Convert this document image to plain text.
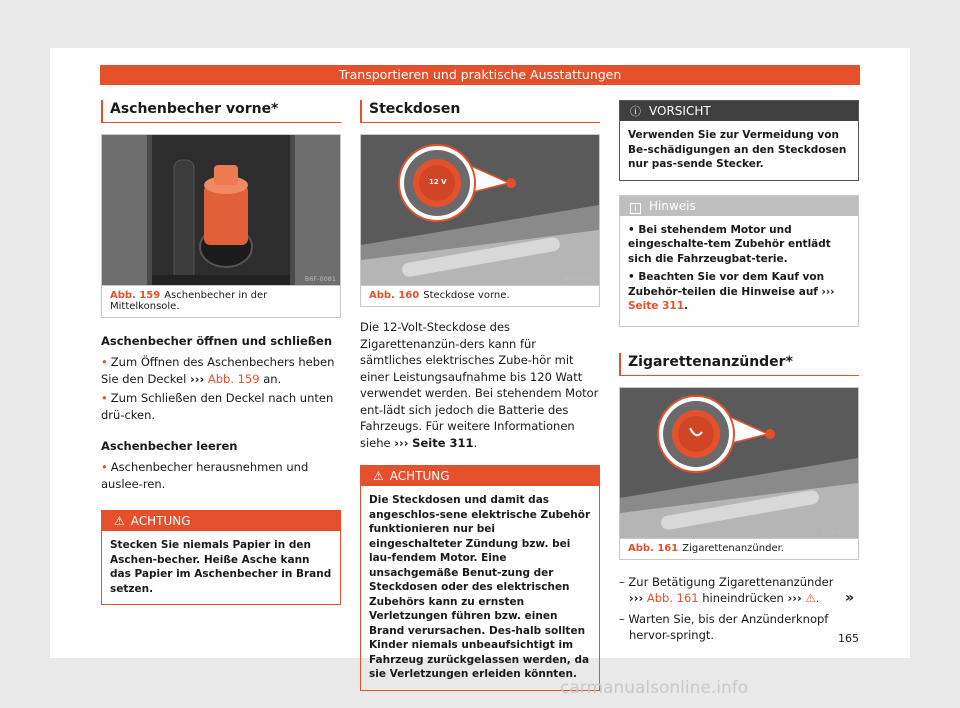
Transportieren und praktische Ausstattungen
Aschenbecher vorne*
B6F-0081
Abb. 159 Aschenbecher in der Mittelkonsole.
Aschenbecher öffnen und schließen
• Zum Öffnen des Aschenbechers heben Sie den Deckel ››› Abb. 159 an.
• Zum Schließen den Deckel nach unten drü-cken.
Aschenbecher leeren
• Aschenbecher herausnehmen und auslee-ren.
⚠ ACHTUNG
Stecken Sie niemals Papier in den Aschen-becher. Heiße Asche kann das Papier im Aschenbecher in Brand setzen.
Steckdosen
12 V
B6F-0056
Abb. 160 Steckdose vorne.
Die 12-Volt-Steckdose des Zigarettenanzün-ders kann für sämtliches elektrisches Zube-hör mit einer Leistungsaufnahme bis 120 Watt verwendet werden. Bei stehendem Motor ent-lädt sich jedoch die Batterie des Fahrzeugs. Für weitere Informationen siehe ››› Seite 311.
⚠ ACHTUNG
Die Steckdosen und damit das angeschlos-sene elektrische Zubehör funktionieren nur bei eingeschalteter Zündung bzw. bei lau-fendem Motor. Eine unsachgemäße Benut-zung der Steckdosen oder des elektrischen Zubehörs kann zu ernsten Verletzungen führen bzw. einen Brand verursachen. Des-halb sollten Kinder niemals unbeaufsichtigt im Fahrzeug zurückgelassen werden, da sie Verletzungen erleiden könnten.
ⓘ VORSICHT
Verwenden Sie zur Vermeidung von Be-schädigungen an den Steckdosen nur pas-sende Stecker.
i Hinweis
• Bei stehendem Motor und eingeschalte-tem Zubehör entlädt sich die Fahrzeugbat-terie.
• Beachten Sie vor dem Kauf von Zubehör-teilen die Hinweise auf ››› Seite 311.
Zigarettenanzünder*
B6F-0057
Abb. 161 Zigarettenanzünder.
– Zur Betätigung Zigarettenanzünder
››› Abb. 161 hineindrücken ››› ⚠.
– Warten Sie, bis der Anzünderknopf hervor-springt.
»
165
carmanualsonline.info
